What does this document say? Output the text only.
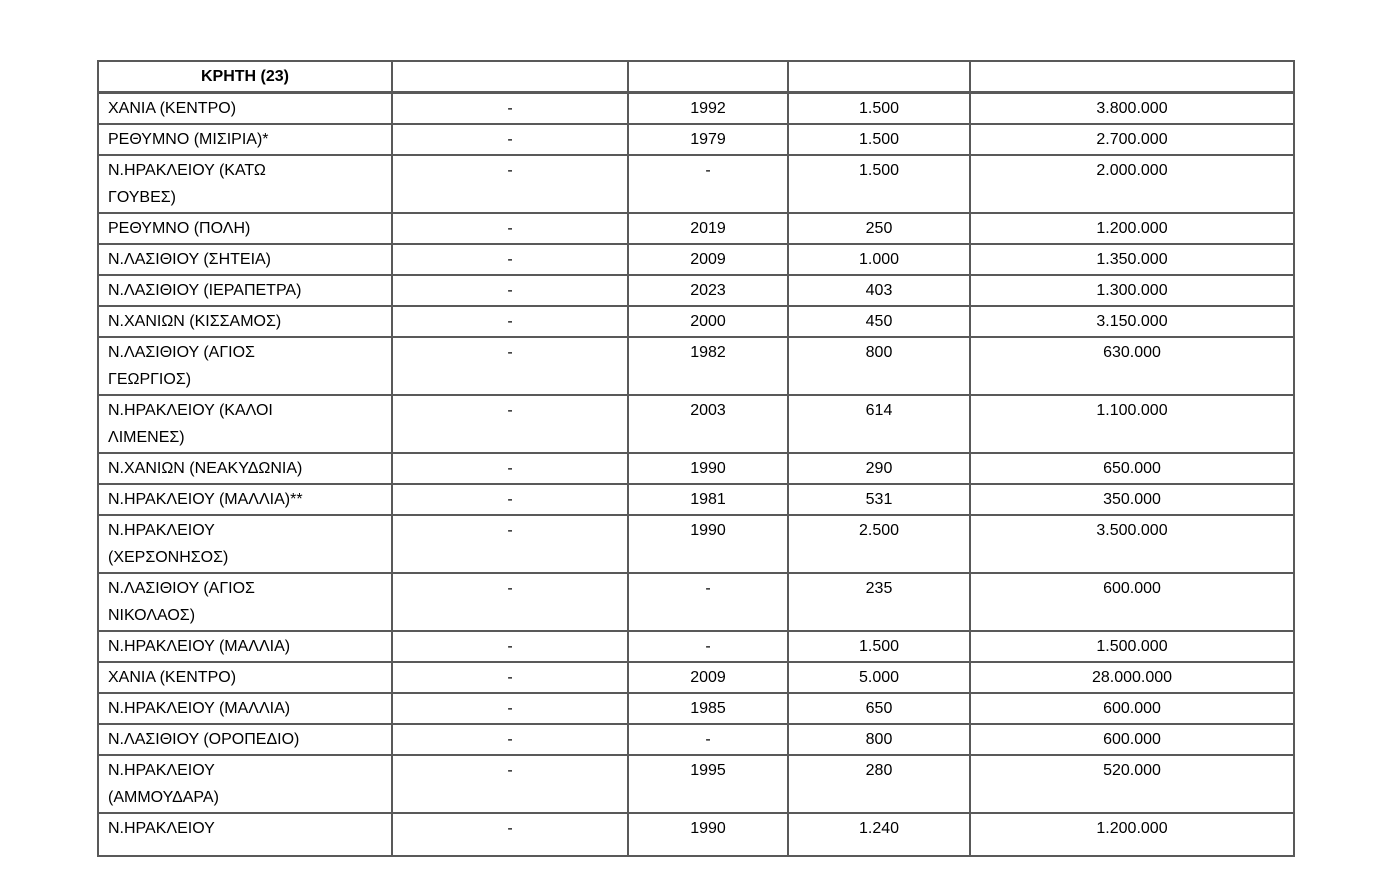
ΚΡΗΤΗ (23)				
ΧΑΝΙΑ (ΚΕΝΤΡΟ)	-	1992	1.500	3.800.000
ΡΕΘΥΜΝΟ (ΜΙΣΙΡΙΑ)*	-	1979	1.500	2.700.000
Ν.ΗΡΑΚΛΕΙΟΥ (ΚΑΤΩ
ΓΟΥΒΕΣ)	-	-	1.500	2.000.000
ΡΕΘΥΜΝΟ (ΠΟΛΗ)	-	2019	250	1.200.000
Ν.ΛΑΣΙΘΙΟΥ (ΣΗΤΕΙΑ)	-	2009	1.000	1.350.000
Ν.ΛΑΣΙΘΙΟΥ (ΙΕΡΑΠΕΤΡΑ)	-	2023	403	1.300.000
Ν.ΧΑΝΙΩΝ (ΚΙΣΣΑΜΟΣ)	-	2000	450	3.150.000
Ν.ΛΑΣΙΘΙΟΥ (ΑΓΙΟΣ
ΓΕΩΡΓΙΟΣ)	-	1982	800	630.000
Ν.ΗΡΑΚΛΕΙΟΥ (ΚΑΛΟΙ
ΛΙΜΕΝΕΣ)	-	2003	614	1.100.000
Ν.ΧΑΝΙΩΝ (ΝΕΑΚΥΔΩΝΙΑ)	-	1990	290	650.000
Ν.ΗΡΑΚΛΕΙΟΥ (ΜΑΛΛΙΑ)**	-	1981	531	350.000
Ν.ΗΡΑΚΛΕΙΟΥ
(ΧΕΡΣΟΝΗΣΟΣ)	-	1990	2.500	3.500.000
Ν.ΛΑΣΙΘΙΟΥ (ΑΓΙΟΣ
ΝΙΚΟΛΑΟΣ)	-	-	235	600.000
Ν.ΗΡΑΚΛΕΙΟΥ (ΜΑΛΛΙΑ)	-	-	1.500	1.500.000
ΧΑΝΙΑ (ΚΕΝΤΡΟ)	-	2009	5.000	28.000.000
Ν.ΗΡΑΚΛΕΙΟΥ (ΜΑΛΛΙΑ)	-	1985	650	600.000
Ν.ΛΑΣΙΘΙΟΥ (ΟΡΟΠΕΔΙΟ)	-	-	800	600.000
Ν.ΗΡΑΚΛΕΙΟΥ
(ΑΜΜΟΥΔΑΡΑ)	-	1995	280	520.000
Ν.ΗΡΑΚΛΕΙΟΥ	-	1990	1.240	1.200.000
